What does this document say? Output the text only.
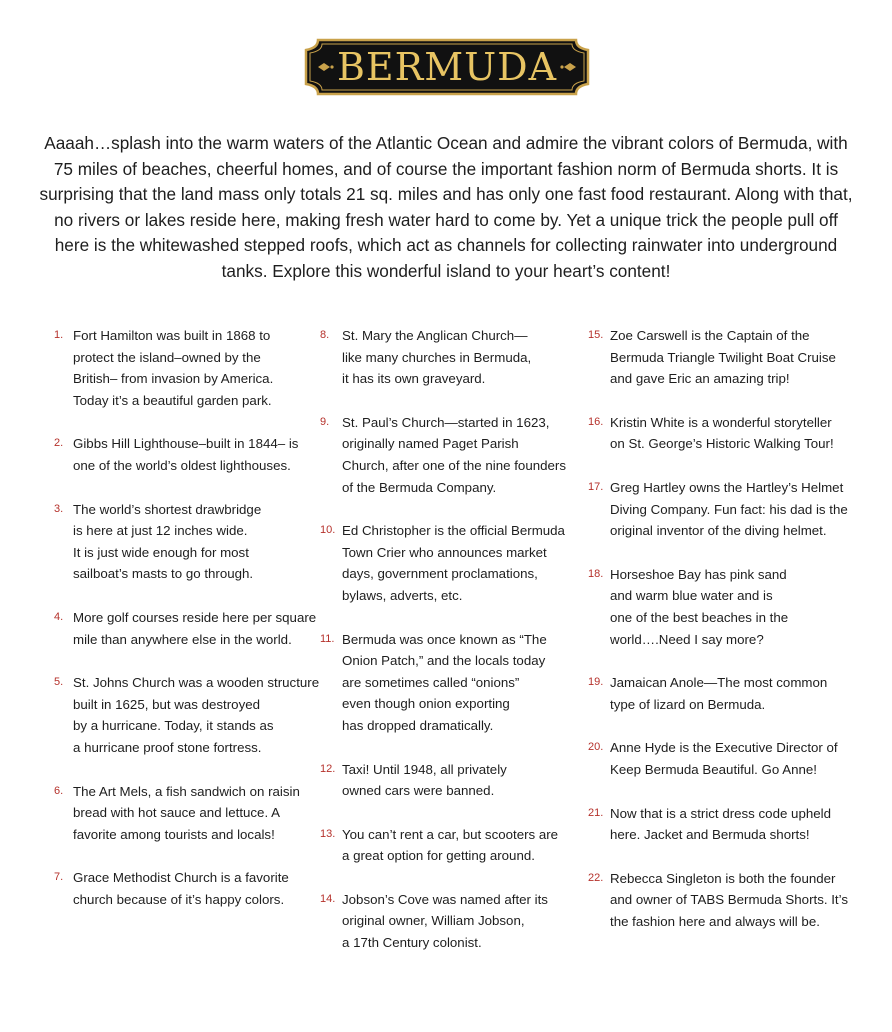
BERMUDA
Aaaah…splash into the warm waters of the Atlantic Ocean and admire the vibrant colors of Bermuda, with 75 miles of beaches, cheerful homes, and of course the important fashion norm of Bermuda shorts. It is surprising that the land mass only totals 21 sq. miles and has only one fast food restaurant. Along with that, no rivers or lakes reside here, making fresh water hard to come by. Yet a unique trick the people pull off here is the whitewashed stepped roofs, which act as channels for collecting rainwater into underground tanks. Explore this wonderful island to your heart’s content!
1. Fort Hamilton was built in 1868 to
protect the island–owned by the
British– from invasion by America.
Today it’s a beautiful garden park.
2. Gibbs Hill Lighthouse–built in 1844– is
one of the world’s oldest lighthouses.
3. The world’s shortest drawbridge
is here at just 12 inches wide.
It is just wide enough for most
sailboat’s masts to go through.
4. More golf courses reside here per square
mile than anywhere else in the world.
5. St. Johns Church was a wooden structure
built in 1625, but was destroyed
by a hurricane. Today, it stands as
a hurricane proof stone fortress.
6. The Art Mels, a fish sandwich on raisin
bread with hot sauce and lettuce. A
favorite among tourists and locals!
7. Grace Methodist Church is a favorite
church because of it’s happy colors.
8. St. Mary the Anglican Church—
like many churches in Bermuda,
it has its own graveyard.
9. St. Paul’s Church—started in 1623,
originally named Paget Parish
Church, after one of the nine founders
of the Bermuda Company.
10. Ed Christopher is the official Bermuda
Town Crier who announces market
days, government proclamations,
bylaws, adverts, etc.
11. Bermuda was once known as “The
Onion Patch,” and the locals today
are sometimes called “onions”
even though onion exporting
has dropped dramatically.
12. Taxi! Until 1948, all privately
owned cars were banned.
13. You can’t rent a car, but scooters are
a great option for getting around.
14. Jobson’s Cove was named after its
original owner, William Jobson,
a 17th Century colonist.
15. Zoe Carswell is the Captain of the
Bermuda Triangle Twilight Boat Cruise
and gave Eric an amazing trip!
16. Kristin White is a wonderful storyteller
on St. George’s Historic Walking Tour!
17. Greg Hartley owns the Hartley’s Helmet
Diving Company. Fun fact: his dad is the
original inventor of the diving helmet.
18. Horseshoe Bay has pink sand
and warm blue water and is
one of the best beaches in the
world….Need I say more?
19. Jamaican Anole—The most common
type of lizard on Bermuda.
20. Anne Hyde is the Executive Director of
Keep Bermuda Beautiful. Go Anne!
21. Now that is a strict dress code upheld
here. Jacket and Bermuda shorts!
22. Rebecca Singleton is both the founder
and owner of TABS Bermuda Shorts. It’s
the fashion here and always will be.
